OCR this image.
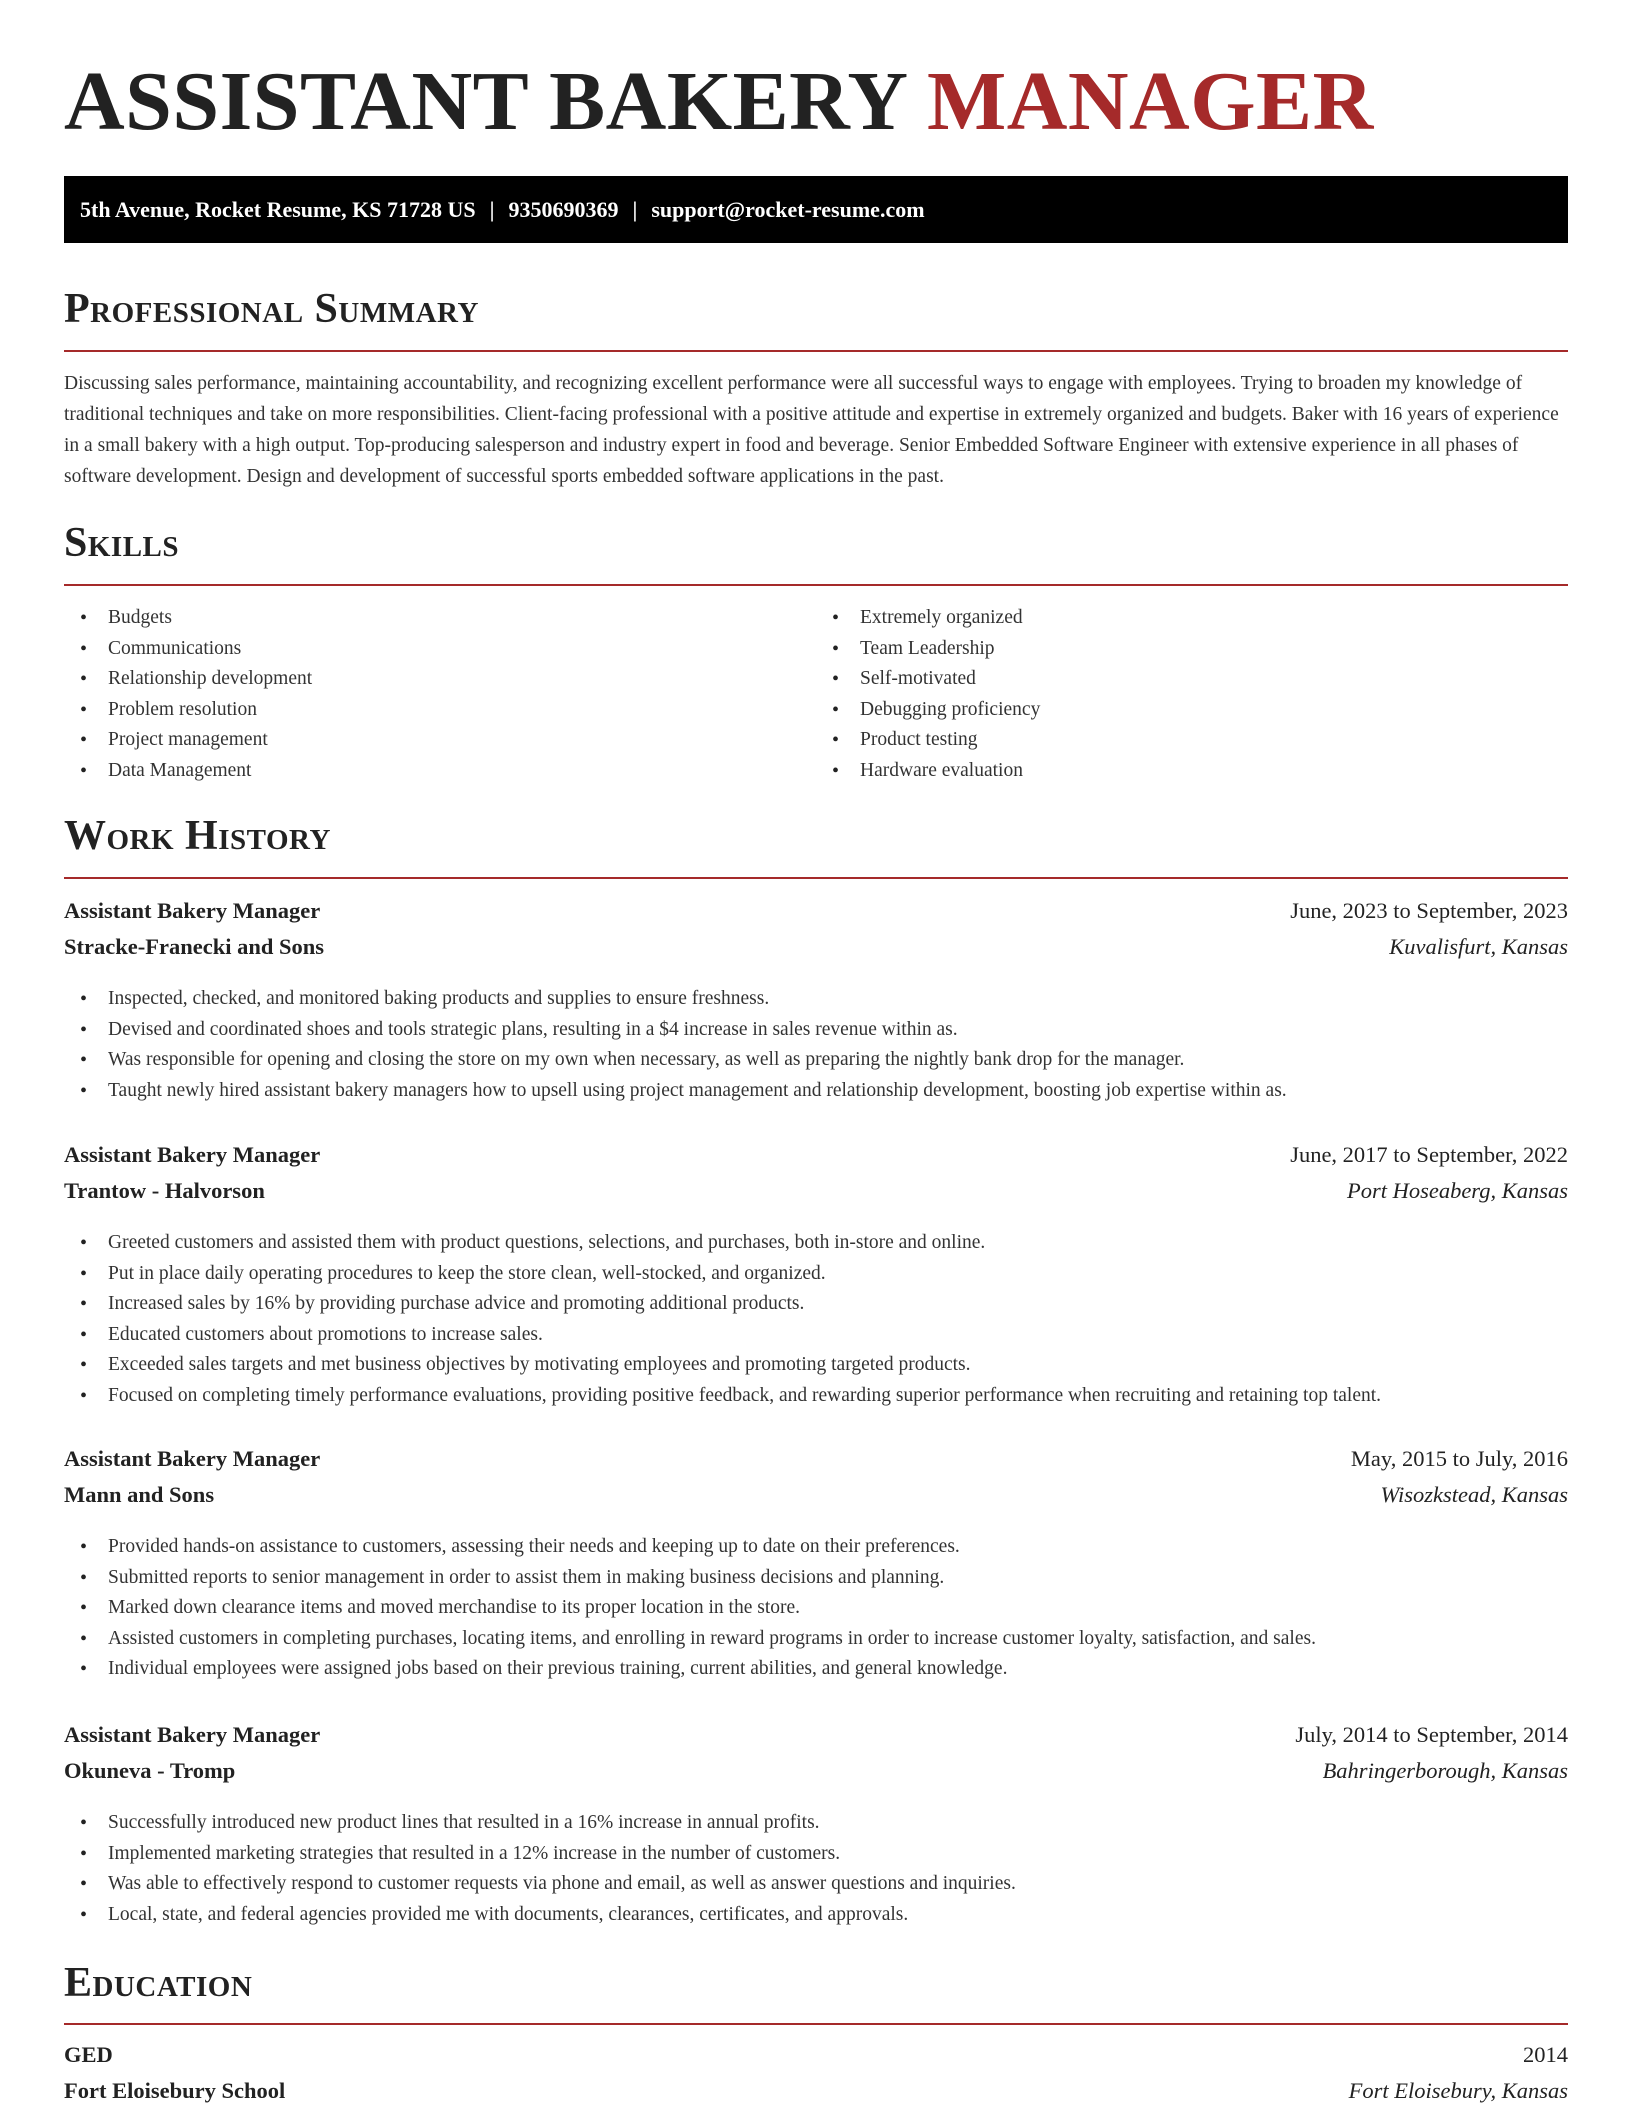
ASSISTANT BAKERY MANAGER
5th Avenue, Rocket Resume, KS 71728 US | 9350690369 | support@rocket-resume.com
Professional Summary

Discussing sales performance, maintaining accountability, and recognizing excellent performance were all successful ways to engage with employees. Trying to broaden my knowledge of traditional techniques and take on more responsibilities. Client-facing professional with a positive attitude and expertise in extremely organized and budgets. Baker with 16 years of experience in a small bakery with a high output. Top-producing salesperson and industry expert in food and beverage. Senior Embedded Software Engineer with extensive experience in all phases of software development. Design and development of successful sports embedded software applications in the past.

Skills
• Budgets
• Communications
• Relationship development
• Problem resolution
• Project management
• Data Management
• Extremely organized
• Team Leadership
• Self-motivated
• Debugging proficiency
• Product testing
• Hardware evaluation
Work History
Assistant Bakery Manager	June, 2023 to September, 2023
Stracke-Franecki and Sons	Kuvalisfurt, Kansas
• Inspected, checked, and monitored baking products and supplies to ensure freshness.
• Devised and coordinated shoes and tools strategic plans, resulting in a $4 increase in sales revenue within as.
• Was responsible for opening and closing the store on my own when necessary, as well as preparing the nightly bank drop for the manager.
• Taught newly hired assistant bakery managers how to upsell using project management and relationship development, boosting job expertise within as.
Assistant Bakery Manager	June, 2017 to September, 2022
Trantow - Halvorson	Port Hoseaberg, Kansas
• Greeted customers and assisted them with product questions, selections, and purchases, both in-store and online.
• Put in place daily operating procedures to keep the store clean, well-stocked, and organized.
• Increased sales by 16% by providing purchase advice and promoting additional products.
• Educated customers about promotions to increase sales.
• Exceeded sales targets and met business objectives by motivating employees and promoting targeted products.
• Focused on completing timely performance evaluations, providing positive feedback, and rewarding superior performance when recruiting and retaining top talent.
Assistant Bakery Manager	May, 2015 to July, 2016
Mann and Sons	Wisozkstead, Kansas
• Provided hands-on assistance to customers, assessing their needs and keeping up to date on their preferences.
• Submitted reports to senior management in order to assist them in making business decisions and planning.
• Marked down clearance items and moved merchandise to its proper location in the store.
• Assisted customers in completing purchases, locating items, and enrolling in reward programs in order to increase customer loyalty, satisfaction, and sales.
• Individual employees were assigned jobs based on their previous training, current abilities, and general knowledge.
Assistant Bakery Manager	July, 2014 to September, 2014
Okuneva - Tromp	Bahringerborough, Kansas
• Successfully introduced new product lines that resulted in a 16% increase in annual profits.
• Implemented marketing strategies that resulted in a 12% increase in the number of customers.
• Was able to effectively respond to customer requests via phone and email, as well as answer questions and inquiries.
• Local, state, and federal agencies provided me with documents, clearances, certificates, and approvals.
Education
GED	2014
Fort Eloisebury School	Fort Eloisebury, Kansas
